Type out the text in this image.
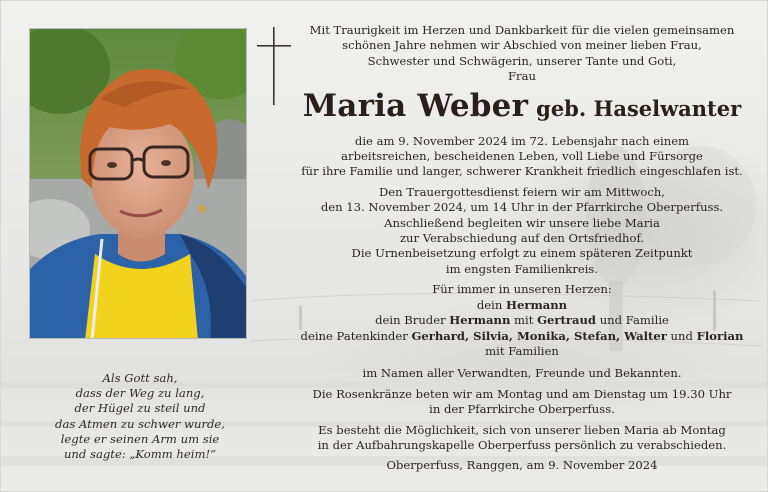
Als Gott sah,
dass der Weg zu lang,
der Hügel zu steil und
das Atmen zu schwer wurde,
legte er seinen Arm um sie
und sagte: „Komm heim!“
Mit Traurigkeit im Herzen und Dankbarkeit für die vielen gemeinsamen
schönen Jahre nehmen wir Abschied von meiner lieben Frau,
Schwester und Schwägerin, unserer Tante und Goti,
Frau
Maria Weber geb. Haselwanter
die am 9. November 2024 im 72. Lebensjahr nach einem
arbeitsreichen, bescheidenen Leben, voll Liebe und Fürsorge
für ihre Familie und langer, schwerer Krankheit friedlich eingeschlafen ist.
Den Trauergottesdienst feiern wir am Mittwoch,
den 13. November 2024, um 14 Uhr in der Pfarrkirche Oberperfuss.
Anschließend begleiten wir unsere liebe Maria
zur Verabschiedung auf den Ortsfriedhof.
Die Urnenbeisetzung erfolgt zu einem späteren Zeitpunkt
im engsten Familienkreis.
Für immer in unseren Herzen:
dein Hermann
dein Bruder Hermann mit Gertraud und Familie
deine Patenkinder Gerhard, Silvia, Monika, Stefan, Walter und Florian
mit Familien
im Namen aller Verwandten, Freunde und Bekannten.
Die Rosenkränze beten wir am Montag und am Dienstag um 19.30 Uhr
in der Pfarrkirche Oberperfuss.
Es besteht die Möglichkeit, sich von unserer lieben Maria ab Montag
in der Aufbahrungskapelle Oberperfuss persönlich zu verabschieden.
Oberperfuss, Ranggen, am 9. November 2024
